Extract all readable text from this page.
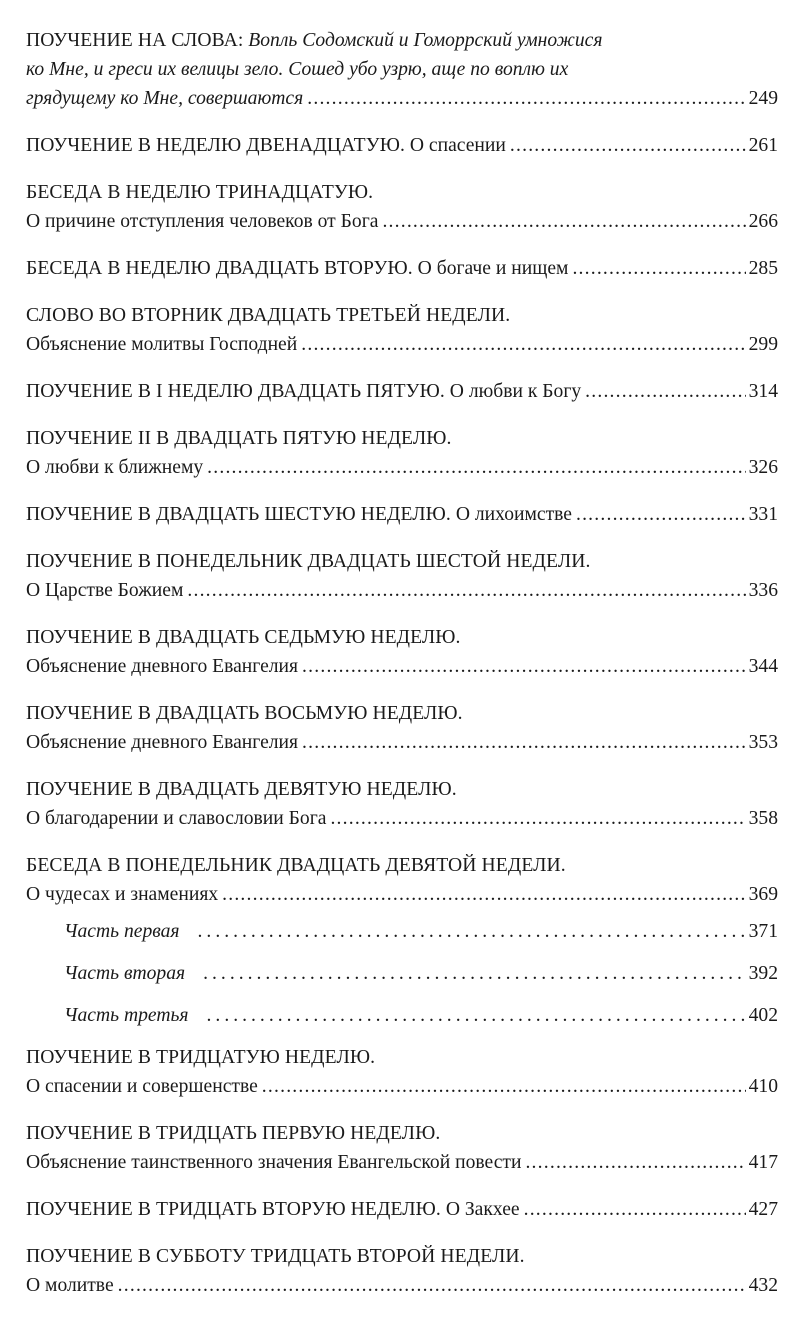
ПОУЧЕНИЕ НА СЛОВА: Вопль Содомский и Гоморрский умножися
ко Мне, и греси их велицы зело. Сошед убо узрю, аще по воплю их
грядущему ко Мне, совершаются .....	249
ПОУЧЕНИЕ В НЕДЕЛЮ ДВЕНАДЦАТУЮ. О спасении .....	261
БЕСЕДА В НЕДЕЛЮ ТРИНАДЦАТУЮ.
О причине отступления человеков от Бога .....	266
БЕСЕДА В НЕДЕЛЮ ДВАДЦАТЬ ВТОРУЮ. О богаче и нищем .....	285
СЛОВО ВО ВТОРНИК ДВАДЦАТЬ ТРЕТЬЕЙ НЕДЕЛИ.
Объяснение молитвы Господней .....	299
ПОУЧЕНИЕ В I НЕДЕЛЮ ДВАДЦАТЬ ПЯТУЮ. О любви к Богу .....	314
ПОУЧЕНИЕ II В ДВАДЦАТЬ ПЯТУЮ НЕДЕЛЮ.
О любви к ближнему .....	326
ПОУЧЕНИЕ В ДВАДЦАТЬ ШЕСТУЮ НЕДЕЛЮ. О лихоимстве .....	331
ПОУЧЕНИЕ В ПОНЕДЕЛЬНИК ДВАДЦАТЬ ШЕСТОЙ НЕДЕЛИ.
О Царстве Божием .....	336
ПОУЧЕНИЕ В ДВАДЦАТЬ СЕДЬМУЮ НЕДЕЛЮ.
Объяснение дневного Евангелия .....	344
ПОУЧЕНИЕ В ДВАДЦАТЬ ВОСЬМУЮ НЕДЕЛЮ.
Объяснение дневного Евангелия .....	353
ПОУЧЕНИЕ В ДВАДЦАТЬ ДЕВЯТУЮ НЕДЕЛЮ.
О благодарении и славословии Бога .....	358
БЕСЕДА В ПОНЕДЕЛЬНИК ДВАДЦАТЬ ДЕВЯТОЙ НЕДЕЛИ.
О чудесах и знамениях .....	369
Часть первая .....	371
Часть вторая .....	392
Часть третья .....	402
ПОУЧЕНИЕ В ТРИДЦАТУЮ НЕДЕЛЮ.
О спасении и совершенстве .....	410
ПОУЧЕНИЕ В ТРИДЦАТЬ ПЕРВУЮ НЕДЕЛЮ.
Объяснение таинственного значения Евангельской повести .....	417
ПОУЧЕНИЕ В ТРИДЦАТЬ ВТОРУЮ НЕДЕЛЮ. О Закхее .....	427
ПОУЧЕНИЕ В СУББОТУ ТРИДЦАТЬ ВТОРОЙ НЕДЕЛИ.
О молитве .....	432
